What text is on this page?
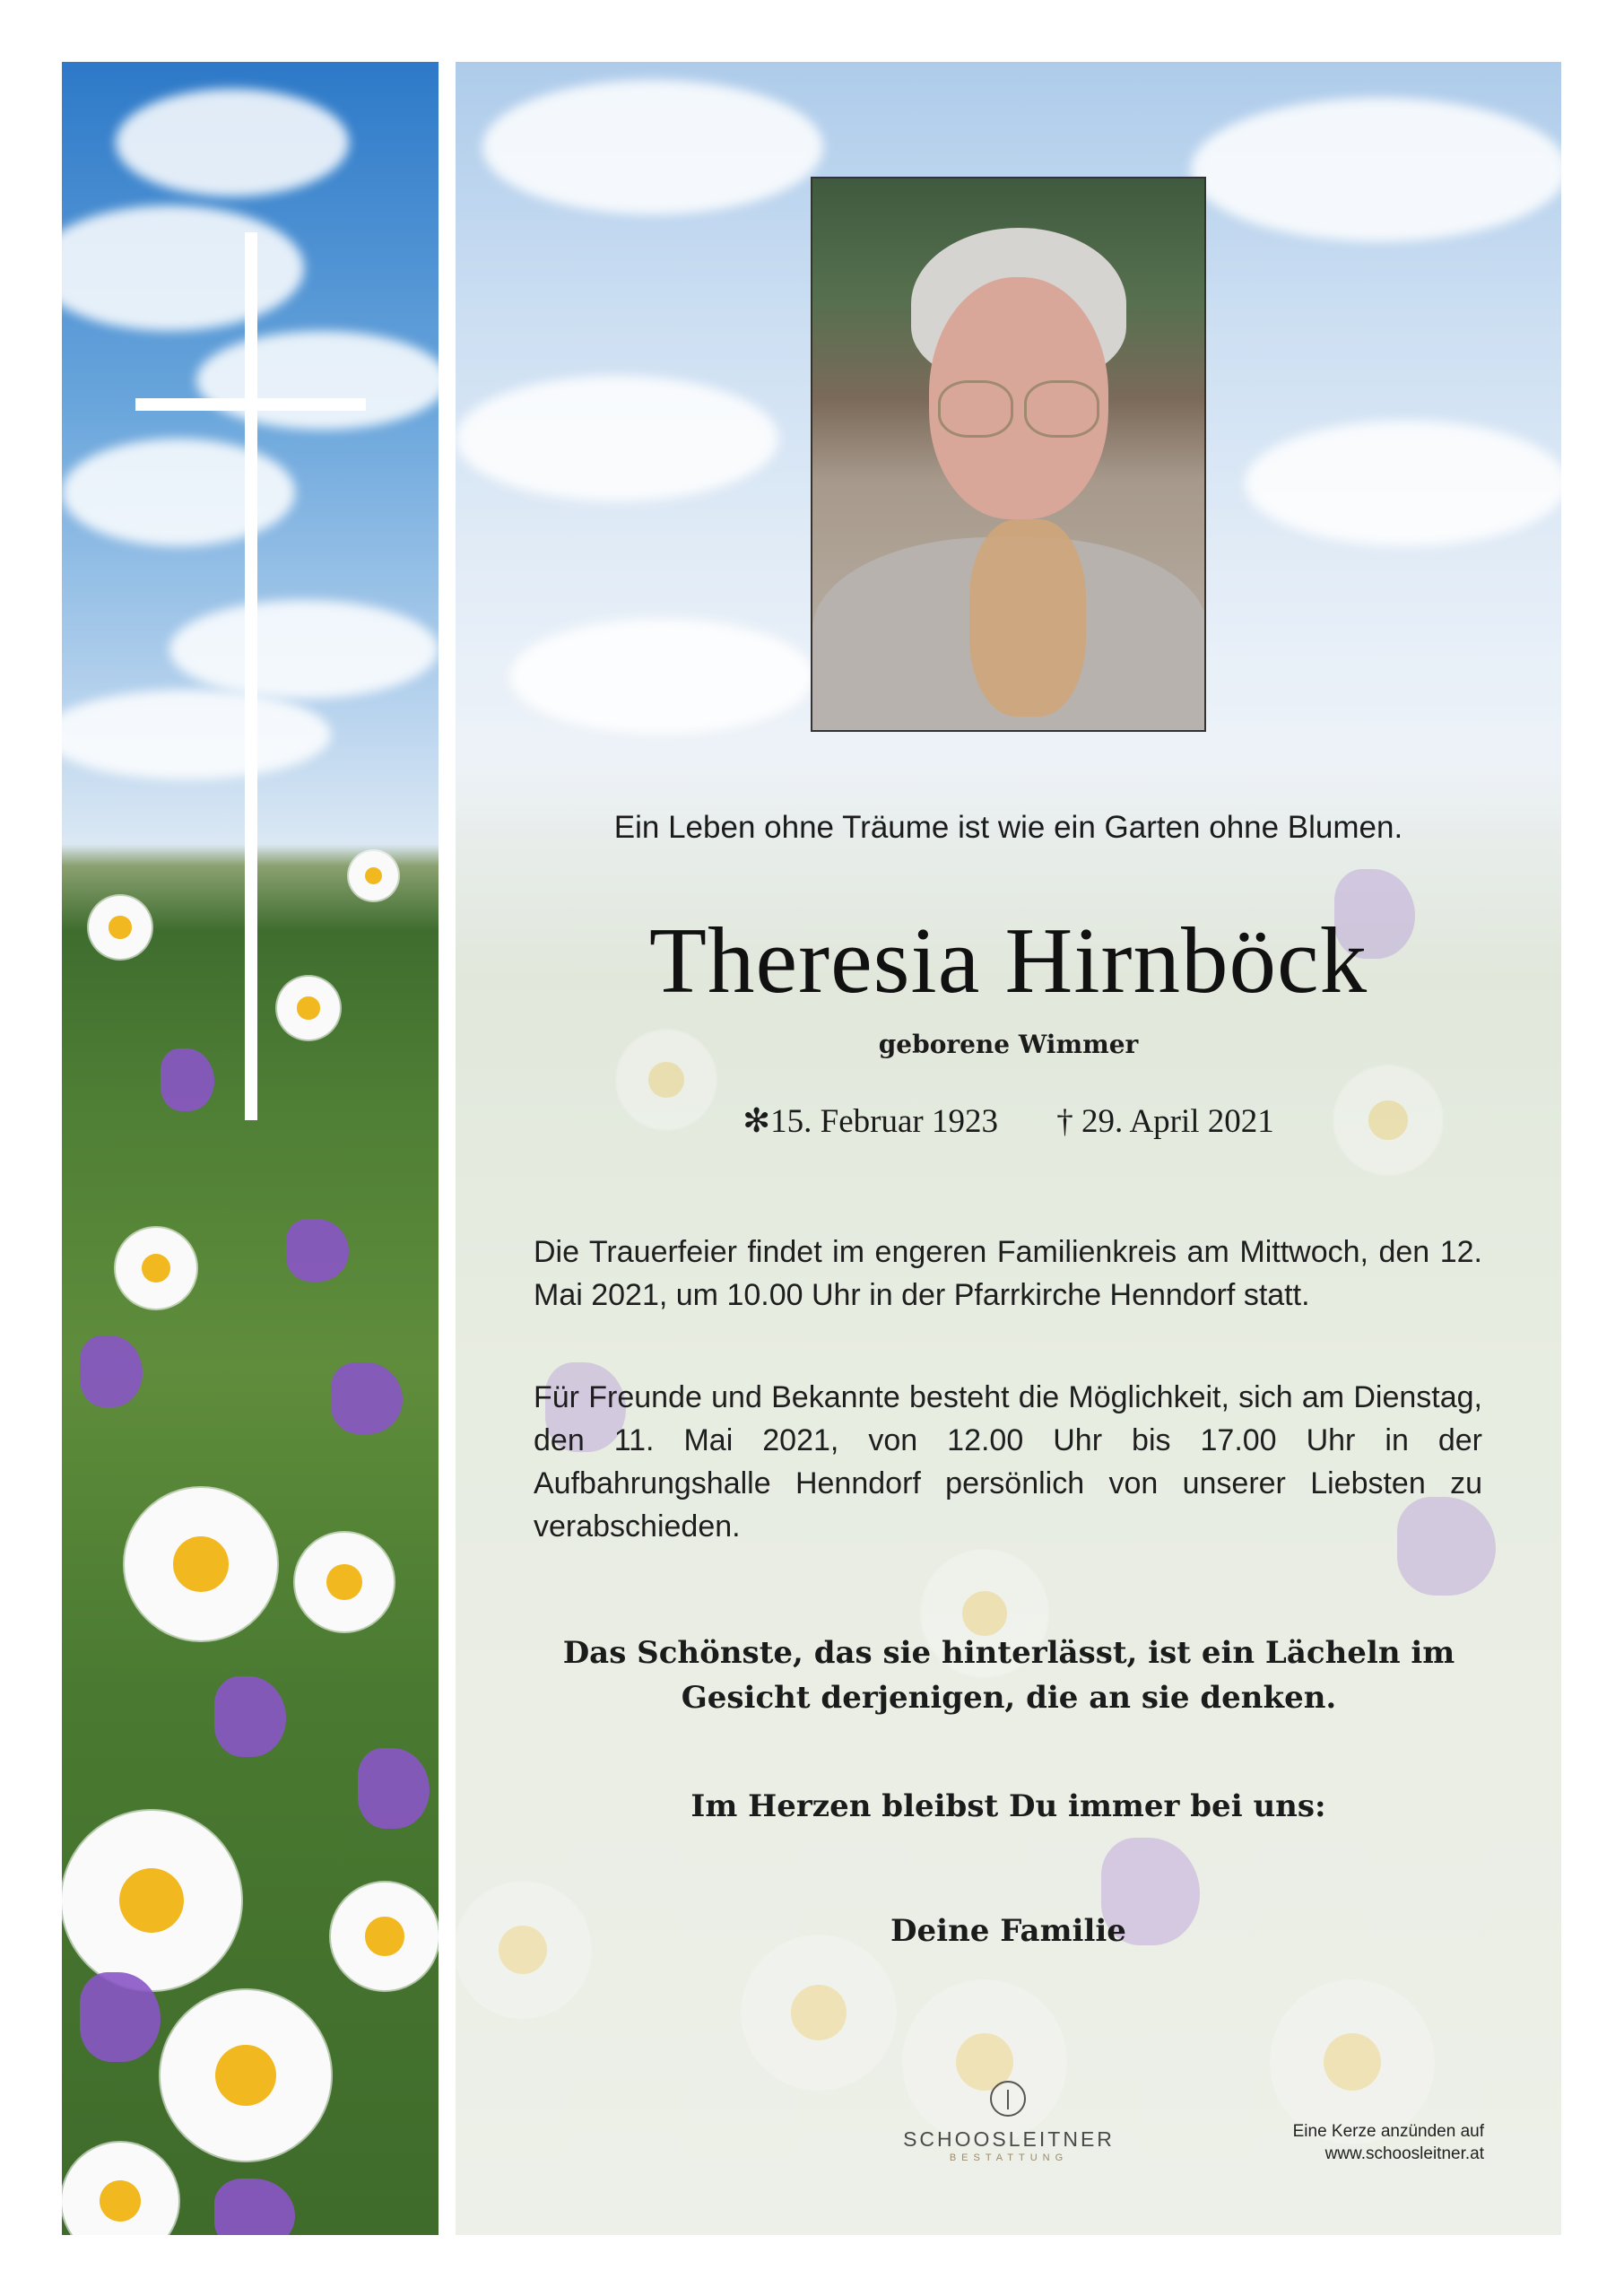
Ein Leben ohne Träume ist wie ein Garten ohne Blumen.
Theresia Hirnböck
geborene Wimmer
✻15. Februar 1923 † 29. April 2021
Die Trauerfeier findet im engeren Familienkreis am Mittwoch, den 12. Mai 2021, um 10.00 Uhr in der Pfarrkirche Henndorf statt.
Für Freunde und Bekannte besteht die Möglichkeit, sich am Dienstag, den 11. Mai 2021, von 12.00 Uhr bis 17.00 Uhr in der Aufbahrungshalle Henndorf persönlich von unserer Liebsten zu verabschieden.
Das Schönste, das sie hinterlässt, ist ein Lächeln im
Gesicht derjenigen, die an sie denken.
Im Herzen bleibst Du immer bei uns:
Deine Familie
SCHOOSLEITNER
BESTATTUNG
Eine Kerze anzünden auf
www.schoosleitner.at
